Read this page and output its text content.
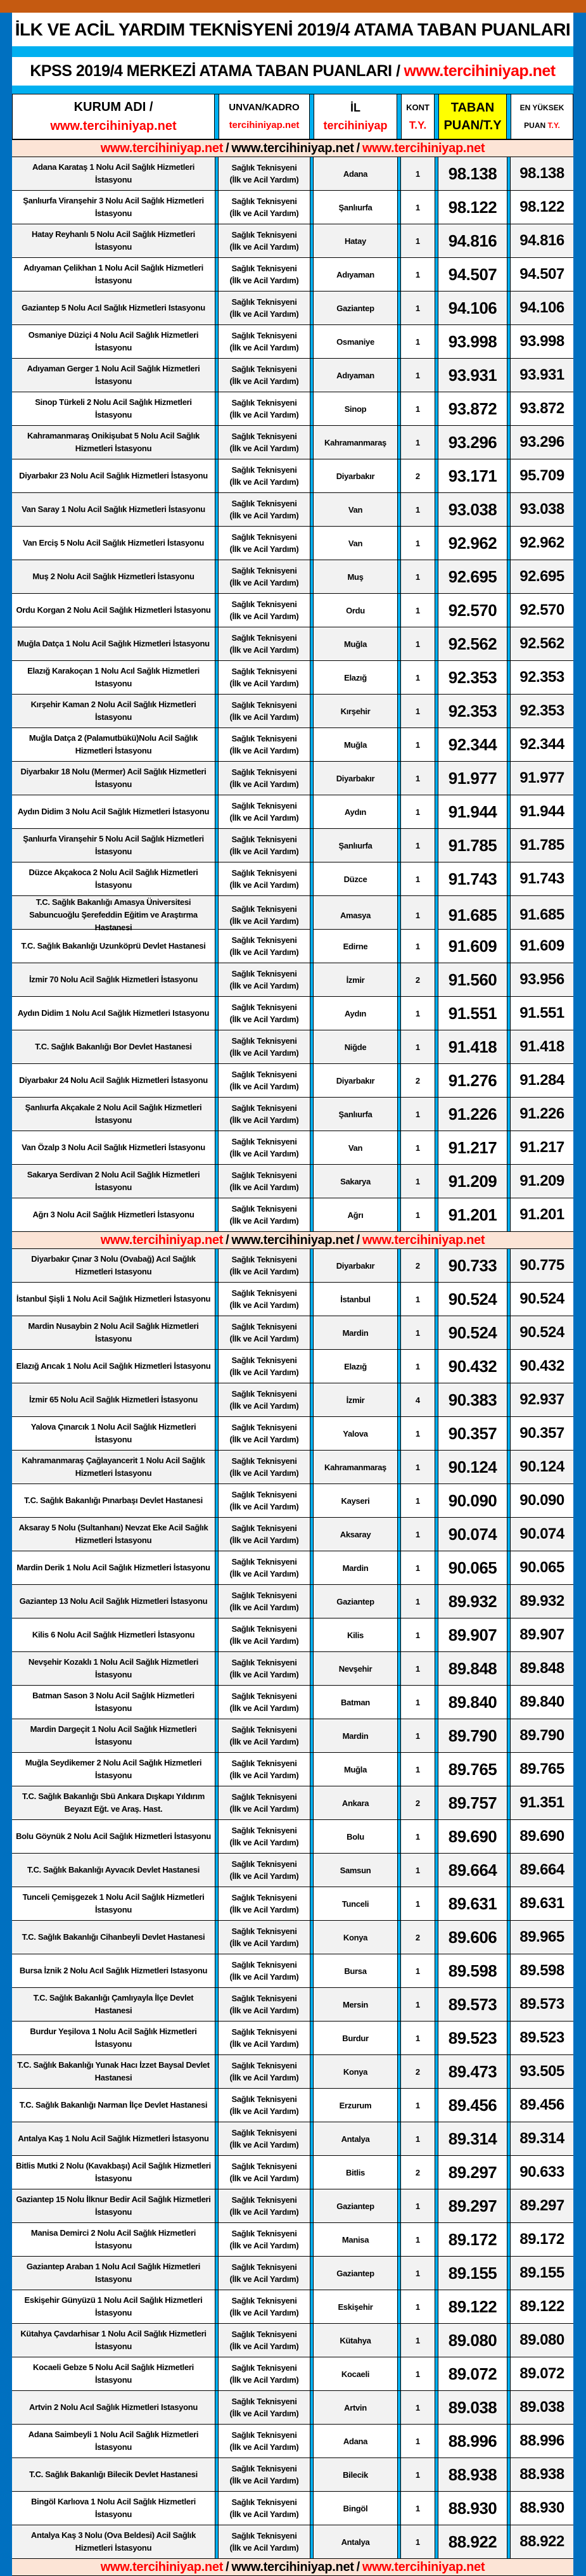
İLK VE ACİL YARDIM TEKNİSYENİ 2019/4 ATAMA TABAN PUANLARI
KPSS 2019/4 MERKEZİ ATAMA TABAN PUANLARI / www.tercihiniyap.net
KURUM ADI /
www.tercihiniyap.net
UNVAN/KADRO
tercihiniyap.net
İL
tercihiniyap
KONT
T.Y.
TABAN
PUAN/T.Y
EN YÜKSEK
PUAN T.Y.
www.tercihiniyap.net / www.tercihiniyap.net / www.tercihiniyap.net
Adana Karataş 1 Nolu Acil Sağlık Hizmetleri İstasyonu
Sağlık Teknisyeni
(İlk ve Acil Yardım)
Adana	1	98.138	98.138
Şanlıurfa Viranşehir 3 Nolu Acil Sağlık Hizmetleri İstasyonu
Sağlık Teknisyeni
(İlk ve Acil Yardım)
Şanlıurfa	1	98.122	98.122
Hatay Reyhanlı 5 Nolu Acil Sağlık Hizmetleri İstasyonu
Sağlık Teknisyeni
(İlk ve Acil Yardım)
Hatay	1	94.816	94.816
Adıyaman Çelikhan 1 Nolu Acil Sağlık Hizmetleri İstasyonu
Sağlık Teknisyeni
(İlk ve Acil Yardım)
Adıyaman	1	94.507	94.507
Gaziantep 5 Nolu Acıl Sağlık Hizmetleri Istasyonu
Sağlık Teknisyeni
(İlk ve Acil Yardım)
Gaziantep	1	94.106	94.106
Osmaniye Düziçi 4 Nolu Acil Sağlık Hizmetleri İstasyonu
Sağlık Teknisyeni
(İlk ve Acil Yardım)
Osmaniye	1	93.998	93.998
Adıyaman Gerger 1 Nolu Acil Sağlık Hizmetleri İstasyonu
Sağlık Teknisyeni
(İlk ve Acil Yardım)
Adıyaman	1	93.931	93.931
Sinop Türkeli 2 Nolu Acil Sağlık Hizmetleri İstasyonu
Sağlık Teknisyeni
(İlk ve Acil Yardım)
Sinop	1	93.872	93.872
Kahramanmaraş Onikişubat 5 Nolu Acil Sağlık Hizmetleri İstasyonu
Sağlık Teknisyeni
(İlk ve Acil Yardım)
Kahramanmaraş	1	93.296	93.296
Diyarbakır 23 Nolu Acil Sağlık Hizmetleri İstasyonu
Sağlık Teknisyeni
(İlk ve Acil Yardım)
Diyarbakır	2	93.171	95.709
Van Saray 1 Nolu Acil Sağlık Hizmetleri İstasyonu
Sağlık Teknisyeni
(İlk ve Acil Yardım)
Van	1	93.038	93.038
Van Erciş 5 Nolu Acil Sağlık Hizmetleri İstasyonu
Sağlık Teknisyeni
(İlk ve Acil Yardım)
Van	1	92.962	92.962
Muş 2 Nolu Acil Sağlık Hizmetleri İstasyonu
Sağlık Teknisyeni
(İlk ve Acil Yardım)
Muş	1	92.695	92.695
Ordu Korgan 2 Nolu Acil Sağlık Hizmetleri İstasyonu
Sağlık Teknisyeni
(İlk ve Acil Yardım)
Ordu	1	92.570	92.570
Muğla Datça 1 Nolu Acil Sağlık Hizmetleri İstasyonu
Sağlık Teknisyeni
(İlk ve Acil Yardım)
Muğla	1	92.562	92.562
Elazığ Karakoçan 1 Nolu Acıl Sağlık Hizmetleri Istasyonu
Sağlık Teknisyeni
(İlk ve Acil Yardım)
Elazığ	1	92.353	92.353
Kırşehir Kaman 2 Nolu Acil Sağlık Hizmetleri İstasyonu
Sağlık Teknisyeni
(İlk ve Acil Yardım)
Kırşehir	1	92.353	92.353
Muğla Datça 2 (Palamutbükü)Nolu Acil Sağlık Hizmetleri İstasyonu
Sağlık Teknisyeni
(İlk ve Acil Yardım)
Muğla	1	92.344	92.344
Diyarbakır 18 Nolu (Mermer) Acil Sağlık Hizmetleri İstasyonu
Sağlık Teknisyeni
(İlk ve Acil Yardım)
Diyarbakır	1	91.977	91.977
Aydın Didim 3 Nolu Acil Sağlık Hizmetleri İstasyonu
Sağlık Teknisyeni
(İlk ve Acil Yardım)
Aydın	1	91.944	91.944
Şanlıurfa Viranşehir 5 Nolu Acil Sağlık Hizmetleri İstasyonu
Sağlık Teknisyeni
(İlk ve Acil Yardım)
Şanlıurfa	1	91.785	91.785
Düzce Akçakoca 2 Nolu Acil Sağlık Hizmetleri İstasyonu
Sağlık Teknisyeni
(İlk ve Acil Yardım)
Düzce	1	91.743	91.743
T.C. Sağlık Bakanlığı Amasya Üniversitesi Sabuncuoğlu Şerefeddin Eğitim ve Araştırma Hastanesi
Sağlık Teknisyeni
(İlk ve Acil Yardım)
Amasya	1	91.685	91.685
T.C. Sağlık Bakanlığı Uzunköprü Devlet Hastanesi
Sağlık Teknisyeni
(İlk ve Acil Yardım)
Edirne	1	91.609	91.609
İzmir 70 Nolu Acil Sağlık Hizmetleri İstasyonu
Sağlık Teknisyeni
(İlk ve Acil Yardım)
İzmir	2	91.560	93.956
Aydın Didim 1 Nolu Acıl Sağlık Hizmetleri Istasyonu
Sağlık Teknisyeni
(İlk ve Acil Yardım)
Aydın	1	91.551	91.551
T.C. Sağlık Bakanlığı Bor Devlet Hastanesi
Sağlık Teknisyeni
(İlk ve Acil Yardım)
Niğde	1	91.418	91.418
Diyarbakır 24 Nolu Acil Sağlık Hizmetleri İstasyonu
Sağlık Teknisyeni
(İlk ve Acil Yardım)
Diyarbakır	2	91.276	91.284
Şanlıurfa Akçakale 2 Nolu Acil Sağlık Hizmetleri İstasyonu
Sağlık Teknisyeni
(İlk ve Acil Yardım)
Şanlıurfa	1	91.226	91.226
Van Özalp 3 Nolu Acil Sağlık Hizmetleri İstasyonu
Sağlık Teknisyeni
(İlk ve Acil Yardım)
Van	1	91.217	91.217
Sakarya Serdivan 2 Nolu Acil Sağlık Hizmetleri İstasyonu
Sağlık Teknisyeni
(İlk ve Acil Yardım)
Sakarya	1	91.209	91.209
Ağrı 3 Nolu Acil Sağlık Hizmetleri İstasyonu
Sağlık Teknisyeni
(İlk ve Acil Yardım)
Ağrı	1	91.201	91.201
www.tercihiniyap.net / www.tercihiniyap.net / www.tercihiniyap.net
Diyarbakır Çınar 3 Nolu (Ovabağ) Acıl Sağlık Hizmetleri Istasyonu
Sağlık Teknisyeni
(İlk ve Acil Yardım)
Diyarbakır	2	90.733	90.775
İstanbul Şişli 1 Nolu Acil Sağlık Hizmetleri İstasyonu
Sağlık Teknisyeni
(İlk ve Acil Yardım)
İstanbul	1	90.524	90.524
Mardin Nusaybin 2 Nolu Acil Sağlık Hizmetleri İstasyonu
Sağlık Teknisyeni
(İlk ve Acil Yardım)
Mardin	1	90.524	90.524
Elazığ Arıcak 1 Nolu Acil Sağlık Hizmetleri İstasyonu
Sağlık Teknisyeni
(İlk ve Acil Yardım)
Elazığ	1	90.432	90.432
İzmir 65 Nolu Acil Sağlık Hizmetleri İstasyonu
Sağlık Teknisyeni
(İlk ve Acil Yardım)
İzmir	4	90.383	92.937
Yalova Çınarcık 1 Nolu Acil Sağlık Hizmetleri İstasyonu
Sağlık Teknisyeni
(İlk ve Acil Yardım)
Yalova	1	90.357	90.357
Kahramanmaraş Çağlayancerit 1 Nolu Acil Sağlık Hizmetleri İstasyonu
Sağlık Teknisyeni
(İlk ve Acil Yardım)
Kahramanmaraş	1	90.124	90.124
T.C. Sağlık Bakanlığı Pınarbaşı Devlet Hastanesi
Sağlık Teknisyeni
(İlk ve Acil Yardım)
Kayseri	1	90.090	90.090
Aksaray 5 Nolu (Sultanhanı) Nevzat Eke Acil Sağlık Hizmetleri İstasyonu
Sağlık Teknisyeni
(İlk ve Acil Yardım)
Aksaray	1	90.074	90.074
Mardin Derik 1 Nolu Acil Sağlık Hizmetleri İstasyonu
Sağlık Teknisyeni
(İlk ve Acil Yardım)
Mardin	1	90.065	90.065
Gaziantep 13 Nolu Acil Sağlık Hizmetleri İstasyonu
Sağlık Teknisyeni
(İlk ve Acil Yardım)
Gaziantep	1	89.932	89.932
Kilis 6 Nolu Acil Sağlık Hizmetleri İstasyonu
Sağlık Teknisyeni
(İlk ve Acil Yardım)
Kilis	1	89.907	89.907
Nevşehir Kozaklı 1 Nolu Acil Sağlık Hizmetleri İstasyonu
Sağlık Teknisyeni
(İlk ve Acil Yardım)
Nevşehir	1	89.848	89.848
Batman Sason 3 Nolu Acil Sağlık Hizmetleri İstasyonu
Sağlık Teknisyeni
(İlk ve Acil Yardım)
Batman	1	89.840	89.840
Mardin Dargeçit 1 Nolu Acil Sağlık Hizmetleri İstasyonu
Sağlık Teknisyeni
(İlk ve Acil Yardım)
Mardin	1	89.790	89.790
Muğla Seydikemer 2 Nolu Acil Sağlık Hizmetleri İstasyonu
Sağlık Teknisyeni
(İlk ve Acil Yardım)
Muğla	1	89.765	89.765
T.C. Sağlık Bakanlığı Sbü Ankara Dışkapı Yıldırım Beyazıt Eğt. ve Araş. Hast.
Sağlık Teknisyeni
(İlk ve Acil Yardım)
Ankara	2	89.757	91.351
Bolu Göynük 2 Nolu Acil Sağlık Hizmetleri İstasyonu
Sağlık Teknisyeni
(İlk ve Acil Yardım)
Bolu	1	89.690	89.690
T.C. Sağlık Bakanlığı Ayvacık Devlet Hastanesi
Sağlık Teknisyeni
(İlk ve Acil Yardım)
Samsun	1	89.664	89.664
Tunceli Çemişgezek 1 Nolu Acil Sağlık Hizmetleri İstasyonu
Sağlık Teknisyeni
(İlk ve Acil Yardım)
Tunceli	1	89.631	89.631
T.C. Sağlık Bakanlığı Cihanbeyli Devlet Hastanesi
Sağlık Teknisyeni
(İlk ve Acil Yardım)
Konya	2	89.606	89.965
Bursa İznik 2 Nolu Acıl Sağlık Hizmetleri Istasyonu
Sağlık Teknisyeni
(İlk ve Acil Yardım)
Bursa	1	89.598	89.598
T.C. Sağlık Bakanlığı Çamlıyayla İlçe Devlet Hastanesi
Sağlık Teknisyeni
(İlk ve Acil Yardım)
Mersin	1	89.573	89.573
Burdur Yeşilova 1 Nolu Acil Sağlık Hizmetleri İstasyonu
Sağlık Teknisyeni
(İlk ve Acil Yardım)
Burdur	1	89.523	89.523
T.C. Sağlık Bakanlığı Yunak Hacı İzzet Baysal Devlet Hastanesi
Sağlık Teknisyeni
(İlk ve Acil Yardım)
Konya	2	89.473	93.505
T.C. Sağlık Bakanlığı Narman İlçe Devlet Hastanesi
Sağlık Teknisyeni
(İlk ve Acil Yardım)
Erzurum	1	89.456	89.456
Antalya Kaş 1 Nolu Acil Sağlık Hizmetleri İstasyonu
Sağlık Teknisyeni
(İlk ve Acil Yardım)
Antalya	1	89.314	89.314
Bitlis Mutki 2 Nolu (Kavakbaşı) Acil Sağlık Hizmetleri İstasyonu
Sağlık Teknisyeni
(İlk ve Acil Yardım)
Bitlis	2	89.297	90.633
Gaziantep 15 Nolu İlknur Bedir Acil Sağlık Hizmetleri İstasyonu
Sağlık Teknisyeni
(İlk ve Acil Yardım)
Gaziantep	1	89.297	89.297
Manisa Demirci 2 Nolu Acil Sağlık Hizmetleri İstasyonu
Sağlık Teknisyeni
(İlk ve Acil Yardım)
Manisa	1	89.172	89.172
Gaziantep Araban 1 Nolu Acıl Sağlık Hizmetleri Istasyonu
Sağlık Teknisyeni
(İlk ve Acil Yardım)
Gaziantep	1	89.155	89.155
Eskişehir Günyüzü 1 Nolu Acil Sağlık Hizmetleri İstasyonu
Sağlık Teknisyeni
(İlk ve Acil Yardım)
Eskişehir	1	89.122	89.122
Kütahya Çavdarhisar 1 Nolu Acil Sağlık Hizmetleri İstasyonu
Sağlık Teknisyeni
(İlk ve Acil Yardım)
Kütahya	1	89.080	89.080
Kocaeli Gebze 5 Nolu Acil Sağlık Hizmetleri İstasyonu
Sağlık Teknisyeni
(İlk ve Acil Yardım)
Kocaeli	1	89.072	89.072
Artvin 2 Nolu Acıl Sağlık Hizmetleri Istasyonu
Sağlık Teknisyeni
(İlk ve Acil Yardım)
Artvin	1	89.038	89.038
Adana Saimbeyli 1 Nolu Acil Sağlık Hizmetleri İstasyonu
Sağlık Teknisyeni
(İlk ve Acil Yardım)
Adana	1	88.996	88.996
T.C. Sağlık Bakanlığı Bilecik Devlet Hastanesi
Sağlık Teknisyeni
(İlk ve Acil Yardım)
Bilecik	1	88.938	88.938
Bingöl Karlıova 1 Nolu Acil Sağlık Hizmetleri İstasyonu
Sağlık Teknisyeni
(İlk ve Acil Yardım)
Bingöl	1	88.930	88.930
Antalya Kaş 3 Nolu (Ova Beldesi) Acil Sağlık Hizmetleri İstasyonu
Sağlık Teknisyeni
(İlk ve Acil Yardım)
Antalya	1	88.922	88.922
www.tercihiniyap.net / www.tercihiniyap.net / www.tercihiniyap.net
